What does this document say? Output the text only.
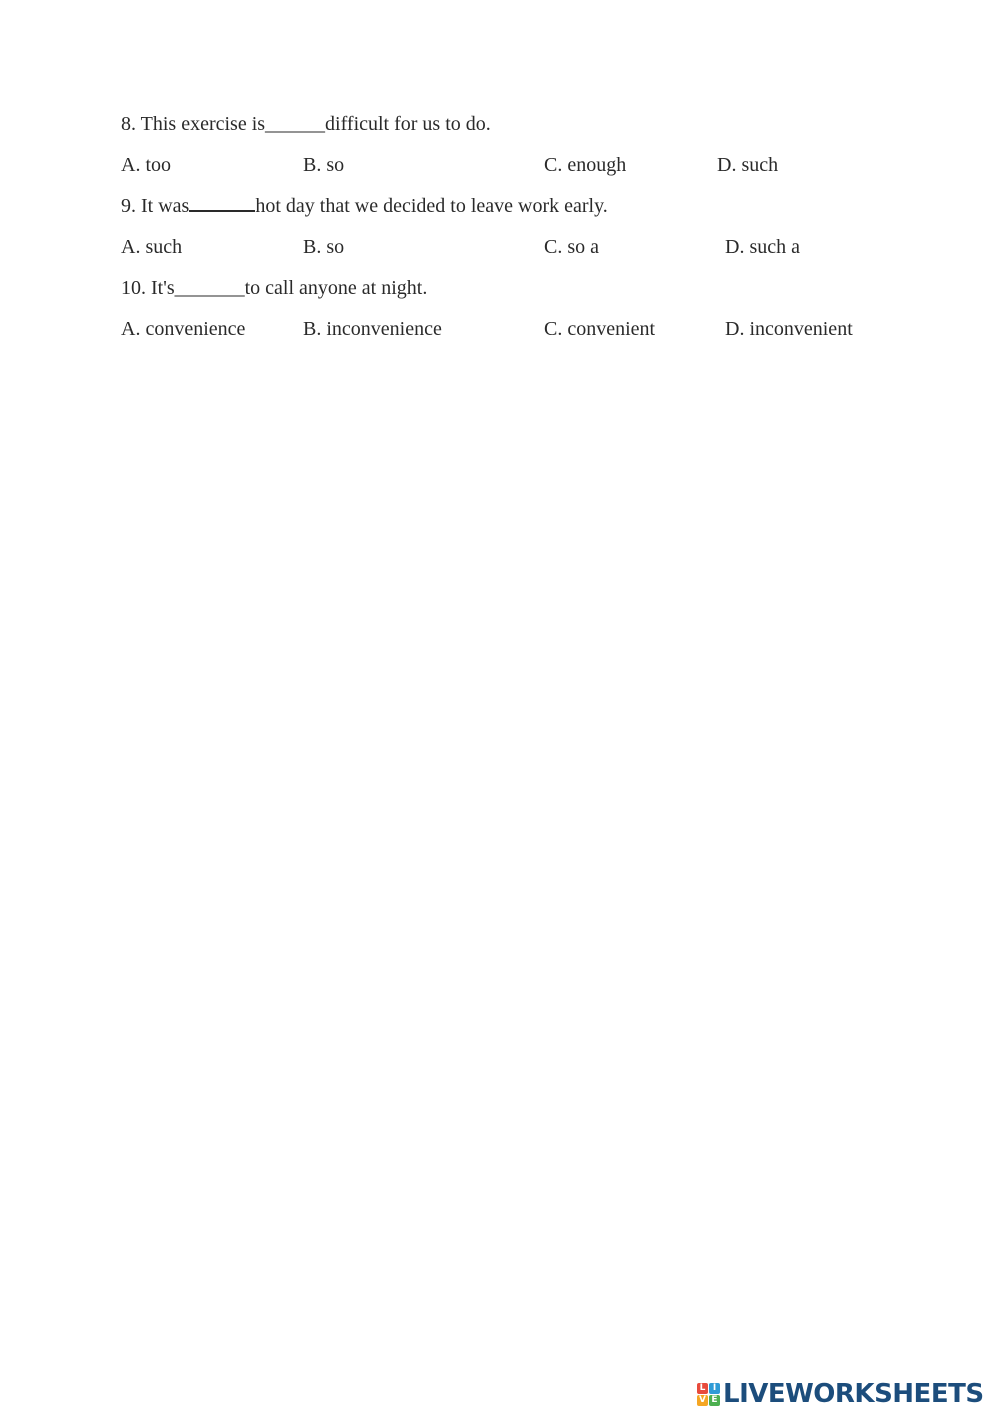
8. This exercise is______difficult for us to do.
A. too	B. so	C. enough	D. such
9. It was	hot day that we decided to leave work early.
A. such	B. so	C. so a	D. such a
10. It's_______to call anyone at night.
A. convenience	B. inconvenience	C. convenient	D. inconvenient
L I
V E LIVEWORKSHEETS
